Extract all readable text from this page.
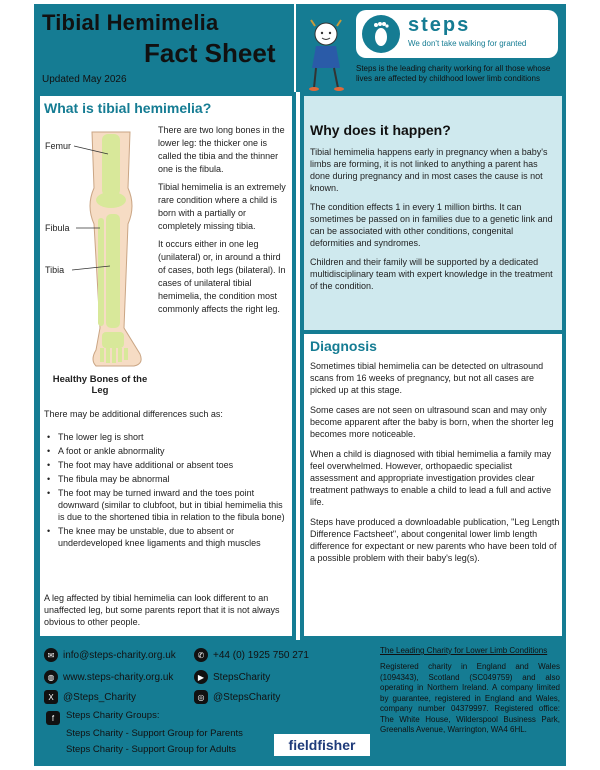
Tibial Hemimelia
Fact Sheet
Updated May 2026
steps
We don't take walking for granted
Steps is the leading charity working for all those whose lives are affected by childhood lower limb conditions
What is tibial hemimelia?
Femur
Fibula
Tibia
Healthy Bones of the Leg

There are two long bones in the lower leg: the thicker one is called the tibia and the thinner one is the fibula.

Tibial hemimelia is an extremely rare condition where a child is born with a partially or completely missing tibia.

It occurs either in one leg (unilateral) or, in around a third of cases, both legs (bilateral). In cases of unilateral tibial hemimelia, the condition most commonly affects the right leg.

There may be additional differences such as:
• The lower leg is short
• A foot or ankle abnormality
• The foot may have additional or absent toes
• The fibula may be abnormal
• The foot may be turned inward and the toes point downward (similar to clubfoot, but in tibial hemimelia this is due to the shortened tibia in relation to the fibula bone)
• The knee may be unstable, due to absent or underdeveloped knee ligaments and thigh muscles
A leg affected by tibial hemimelia can look different to an unaffected leg, but some parents report that it is not always obvious to other people.
Why does it happen?

Tibial hemimelia happens early in pregnancy when a baby's limbs are forming, it is not linked to anything a parent has done during pregnancy and in most cases the cause is not known.

The condition effects 1 in every 1 million births. It can sometimes be passed on in families due to a genetic link and can be associated with other conditions, congenital deformities and syndromes.

Children and their family will be supported by a dedicated multidisciplinary team with expert knowledge in the treatment of the condition.

Diagnosis

Sometimes tibial hemimelia can be detected on ultrasound scans from 16 weeks of pregnancy, but not all cases are picked up at this stage.

Some cases are not seen on ultrasound scan and may only become apparent after the baby is born, when the shorter leg becomes more noticeable.

When a child is diagnosed with tibial hemimelia a family may feel overwhelmed. However, orthopaedic specialist assessment and appropriate investigation provides clear treatment pathways to enable a child to lead a full and active life.

Steps have produced a downloadable publication, "Leg Length Difference Factsheet", about congenital lower limb length difference for expectant or new parents who have been told of a possible problem with their baby's leg(s).

✉ info@steps-charity.org.uk	✆ +44 (0) 1925 750 271
◍ www.steps-charity.org.uk	▶ StepsCharity
X @Steps_Charity	◎ @StepsCharity
f	Steps Charity Groups:
Steps Charity - Support Group for Parents
Steps Charity - Support Group for Adults	fieldfisher
The Leading Charity for Lower Limb Conditions
Registered charity in England and Wales (1094343), Scotland (SC049759) and also operating in Northern Ireland. A company limited by guarantee, registered in England and Wales, company number 04379997. Registered office: The White House, Wilderspool Business Park, Greenalls Avenue, Warrington, WA4 6HL.
